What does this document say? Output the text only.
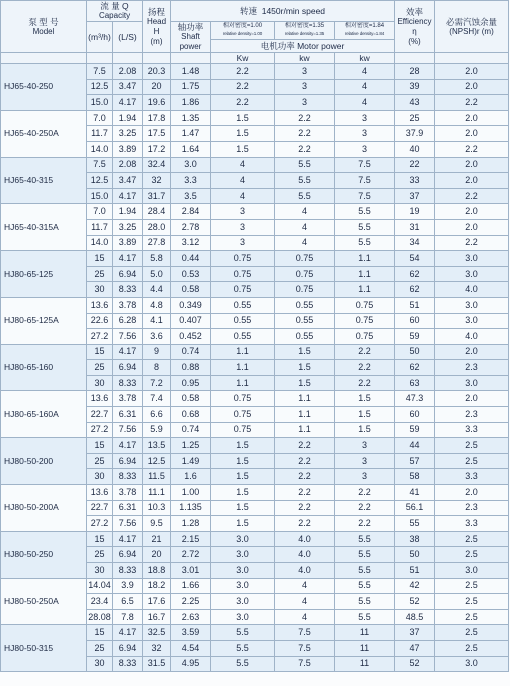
泵 型 号
Model	流 量 Q
Capacity		扬程
Head
H
(m)	转速 1450r/min speed				效率
Efficiency
η
(%)	必需汽蚀余量
(NPSH)r (m)

	(m³/h)	(L/S)		轴功率
Shaft
power	相对密度=1.00
relative density=1.00	相对密度=1.35
relative density=1.35	相对密度=1.84
relative density=1.84		

					电机功率 Motor power				
					Kw	kw	kw		
HJ65-40-250	7.5	2.08	20.3	1.48	2.2	3	4	28	2.0
	12.5	3.47	20	1.75	2.2	3	4	39	2.0
	15.0	4.17	19.6	1.86	2.2	3	4	43	2.2
HJ65-40-250A	7.0	1.94	17.8	1.35	1.5	2.2	3	25	2.0
	11.7	3.25	17.5	1.47	1.5	2.2	3	37.9	2.0
	14.0	3.89	17.2	1.64	1.5	2.2	3	40	2.2
HJ65-40-315	7.5	2.08	32.4	3.0	4	5.5	7.5	22	2.0
	12.5	3.47	32	3.3	4	5.5	7.5	33	2.0
	15.0	4.17	31.7	3.5	4	5.5	7.5	37	2.2
HJ65-40-315A	7.0	1.94	28.4	2.84	3	4	5.5	19	2.0
	11.7	3.25	28.0	2.78	3	4	5.5	31	2.0
	14.0	3.89	27.8	3.12	3	4	5.5	34	2.2
HJ80-65-125	15	4.17	5.8	0.44	0.75	0.75	1.1	54	3.0
	25	6.94	5.0	0.53	0.75	0.75	1.1	62	3.0
	30	8.33	4.4	0.58	0.75	0.75	1.1	62	4.0
HJ80-65-125A	13.6	3.78	4.8	0.349	0.55	0.55	0.75	51	3.0
	22.6	6.28	4.1	0.407	0.55	0.55	0.75	60	3.0
	27.2	7.56	3.6	0.452	0.55	0.55	0.75	59	4.0
HJ80-65-160	15	4.17	9	0.74	1.1	1.5	2.2	50	2.0
	25	6.94	8	0.88	1.1	1.5	2.2	62	2.3
	30	8.33	7.2	0.95	1.1	1.5	2.2	63	3.0
HJ80-65-160A	13.6	3.78	7.4	0.58	0.75	1.1	1.5	47.3	2.0
	22.7	6.31	6.6	0.68	0.75	1.1	1.5	60	2.3
	27.2	7.56	5.9	0.74	0.75	1.1	1.5	59	3.3
HJ80-50-200	15	4.17	13.5	1.25	1.5	2.2	3	44	2.5
	25	6.94	12.5	1.49	1.5	2.2	3	57	2.5
	30	8.33	11.5	1.6	1.5	2.2	3	58	3.3
HJ80-50-200A	13.6	3.78	11.1	1.00	1.5	2.2	2.2	41	2.0
	22.7	6.31	10.3	1.135	1.5	2.2	2.2	56.1	2.3
	27.2	7.56	9.5	1.28	1.5	2.2	2.2	55	3.3
HJ80-50-250	15	4.17	21	2.15	3.0	4.0	5.5	38	2.5
	25	6.94	20	2.72	3.0	4.0	5.5	50	2.5
	30	8.33	18.8	3.01	3.0	4.0	5.5	51	3.0
HJ80-50-250A	14.04	3.9	18.2	1.66	3.0	4	5.5	42	2.5
	23.4	6.5	17.6	2.25	3.0	4	5.5	52	2.5
	28.08	7.8	16.7	2.63	3.0	4	5.5	48.5	2.5
HJ80-50-315	15	4.17	32.5	3.59	5.5	7.5	11	37	2.5
	25	6.94	32	4.54	5.5	7.5	11	47	2.5
	30	8.33	31.5	4.95	5.5	7.5	11	52	3.0
